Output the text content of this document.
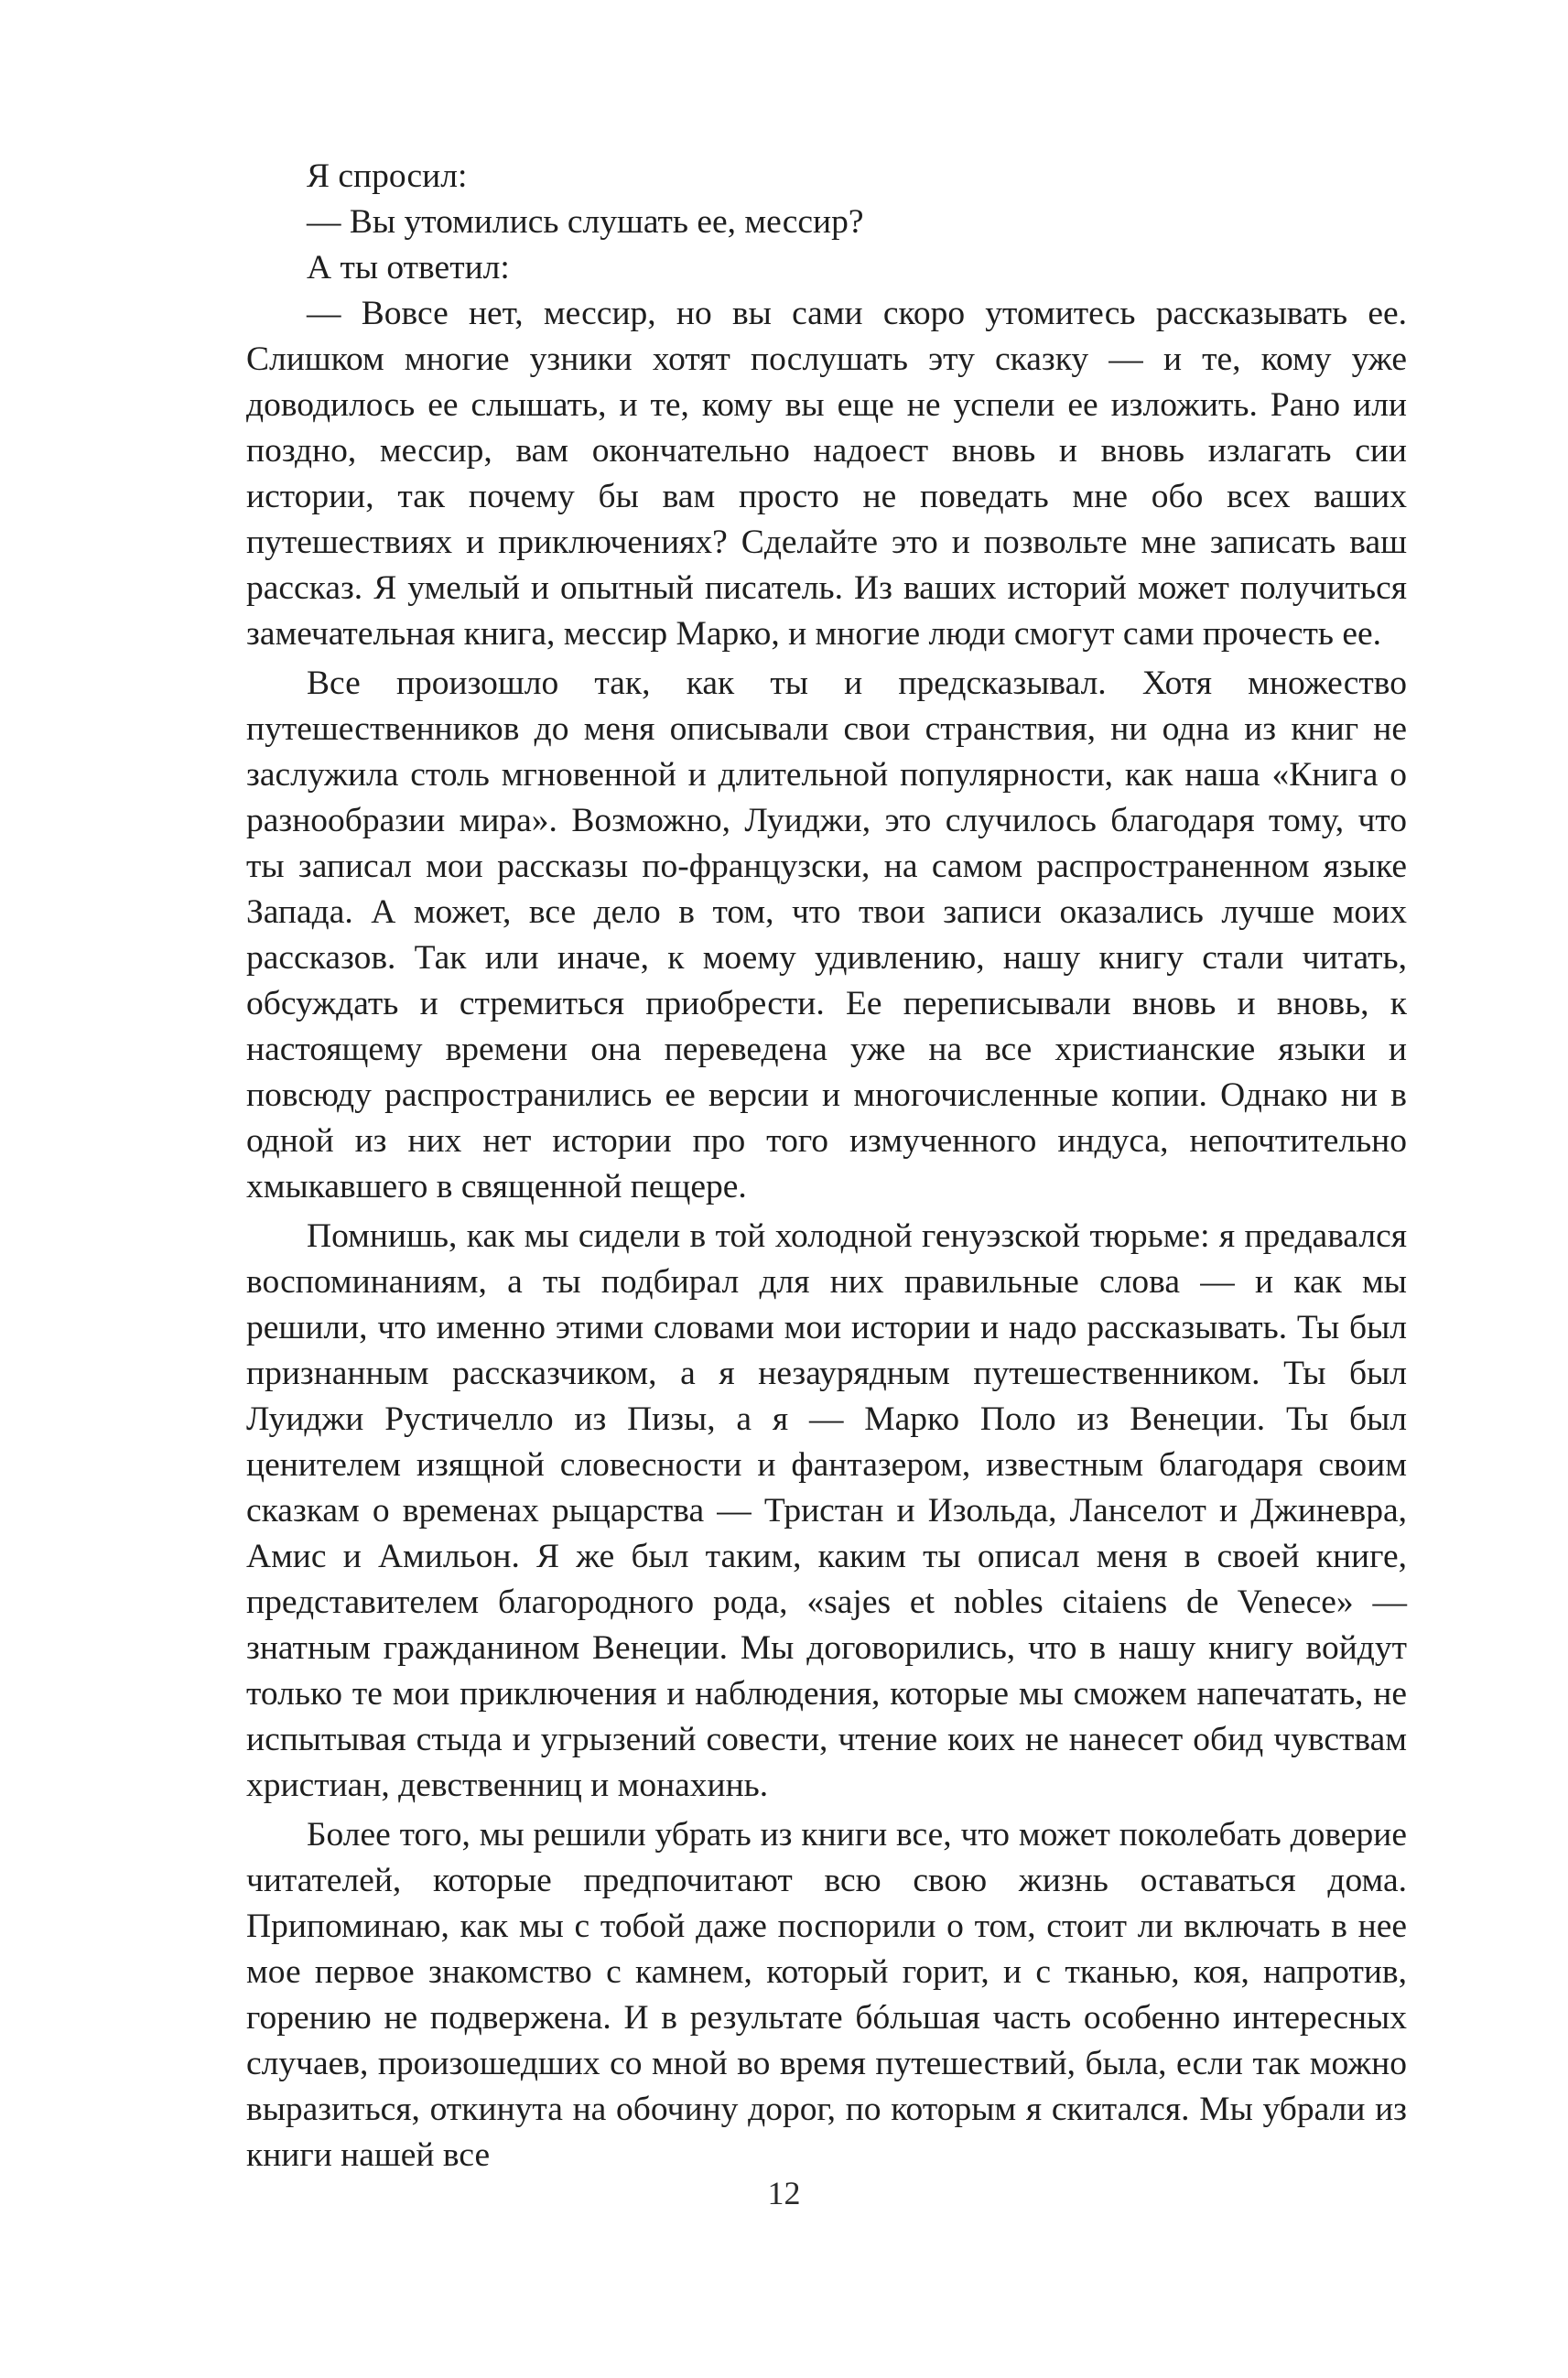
Я спросил:

— Вы утомились слушать ее, мессир?

А ты ответил:

— Вовсе нет, мессир, но вы сами скоро утомитесь рассказывать ее. Слишком многие узники хотят послушать эту сказку — и те, кому уже доводилось ее слышать, и те, кому вы еще не успели ее изложить. Рано или поздно, мессир, вам окончательно надоест вновь и вновь излагать сии истории, так почему бы вам просто не поведать мне обо всех ваших путешествиях и приключениях? Сделайте это и позвольте мне записать ваш рассказ. Я умелый и опытный писатель. Из ваших историй может получиться замечательная книга, мессир Марко, и многие люди смогут сами прочесть ее.

Все произошло так, как ты и предсказывал. Хотя множество путешественников до меня описывали свои странствия, ни одна из книг не заслужила столь мгновенной и длительной популярности, как наша «Книга о разнообразии мира». Возможно, Луиджи, это случилось благодаря тому, что ты записал мои рассказы по-французски, на самом распространенном языке Запада. А может, все дело в том, что твои записи оказались лучше моих рассказов. Так или иначе, к моему удивлению, нашу книгу стали читать, обсуждать и стремиться приобрести. Ее переписывали вновь и вновь, к настоящему времени она переведена уже на все христианские языки и повсюду распространились ее версии и многочисленные копии. Однако ни в одной из них нет истории про того измученного индуса, непочтительно хмыкавшего в священной пещере.

Помнишь, как мы сидели в той холодной генуэзской тюрьме: я предавался воспоминаниям, а ты подбирал для них правильные слова — и как мы решили, что именно этими словами мои истории и надо рассказывать. Ты был признанным рассказчиком, а я незаурядным путешественником. Ты был Луиджи Рустичелло из Пизы, а я — Марко Поло из Венеции. Ты был ценителем изящной словесности и фантазером, известным благодаря своим сказкам о временах рыцарства — Тристан и Изольда, Ланселот и Джиневра, Амис и Амильон. Я же был таким, каким ты описал меня в своей книге, представителем благородного рода, «sajes et nobles citaiens de Venece» — знатным гражданином Венеции. Мы договорились, что в нашу книгу войдут только те мои приключения и наблюдения, которые мы сможем напечатать, не испытывая стыда и угрызений совести, чтение коих не нанесет обид чувствам христиан, девственниц и монахинь.

Более того, мы решили убрать из книги все, что может поколебать доверие читателей, которые предпочитают всю свою жизнь оставаться дома. Припоминаю, как мы с тобой даже поспорили о том, стоит ли включать в нее мое первое знакомство с камнем, который горит, и с тканью, коя, напротив, горению не подвержена. И в результате бóльшая часть особенно интересных случаев, произошедших со мной во время путешествий, была, если так можно выразиться, откинута на обочину дорог, по которым я скитался. Мы убрали из книги нашей все

12
